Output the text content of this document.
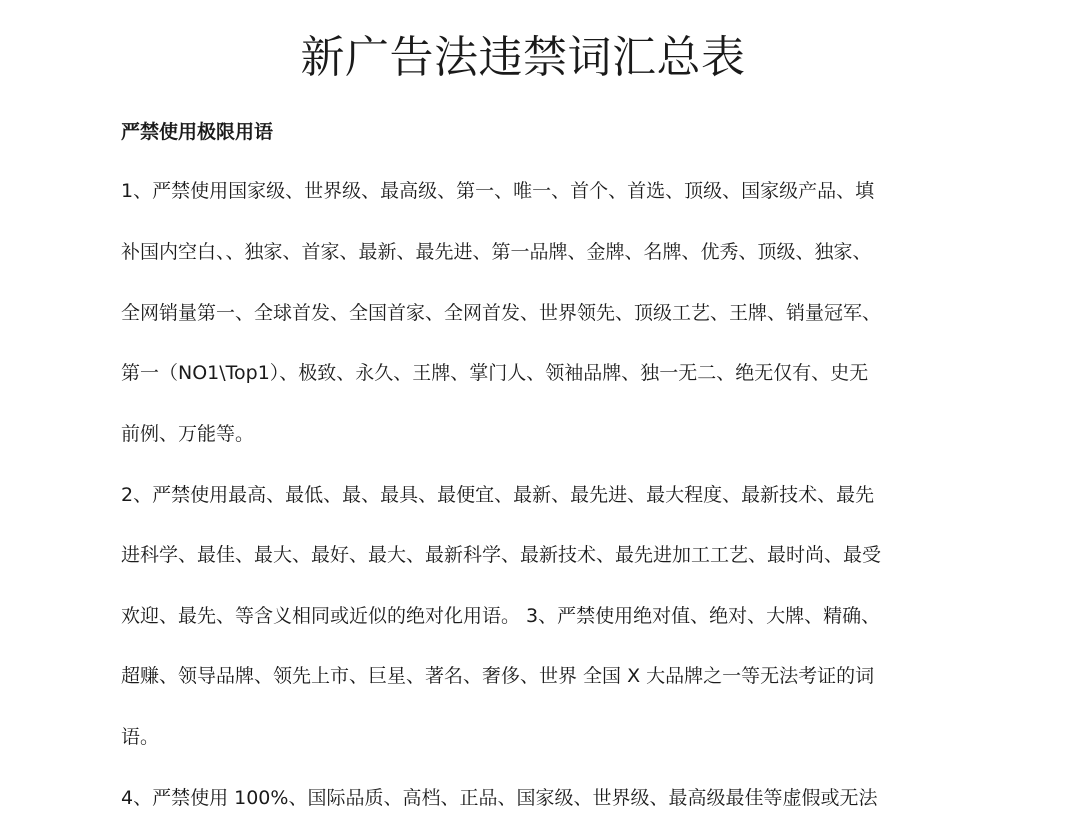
新广告法违禁词汇总表
严禁使用极限用语

1、严禁使用国家级、世界级、最高级、第一、唯一、首个、首选、顶级、国家级产品、填

补国内空白、、独家、首家、最新、最先进、第一品牌、金牌、名牌、优秀、顶级、独家、

全网销量第一、全球首发、全国首家、全网首发、世界领先、顶级工艺、王牌、销量冠军、

第一（NO1\Top1）、极致、永久、王牌、掌门人、领袖品牌、独一无二、绝无仅有、史无

前例、万能等。

2、严禁使用最高、最低、最、最具、最便宜、最新、最先进、最大程度、最新技术、最先

进科学、最佳、最大、最好、最大、最新科学、最新技术、最先进加工工艺、最时尚、最受

欢迎、最先、等含义相同或近似的绝对化用语。 3、严禁使用绝对值、绝对、大牌、精确、

超赚、领导品牌、领先上市、巨星、著名、奢侈、世界 全国 X 大品牌之一等无法考证的词

语。

4、严禁使用 100%、国际品质、高档、正品、国家级、世界级、最高级最佳等虚假或无法
